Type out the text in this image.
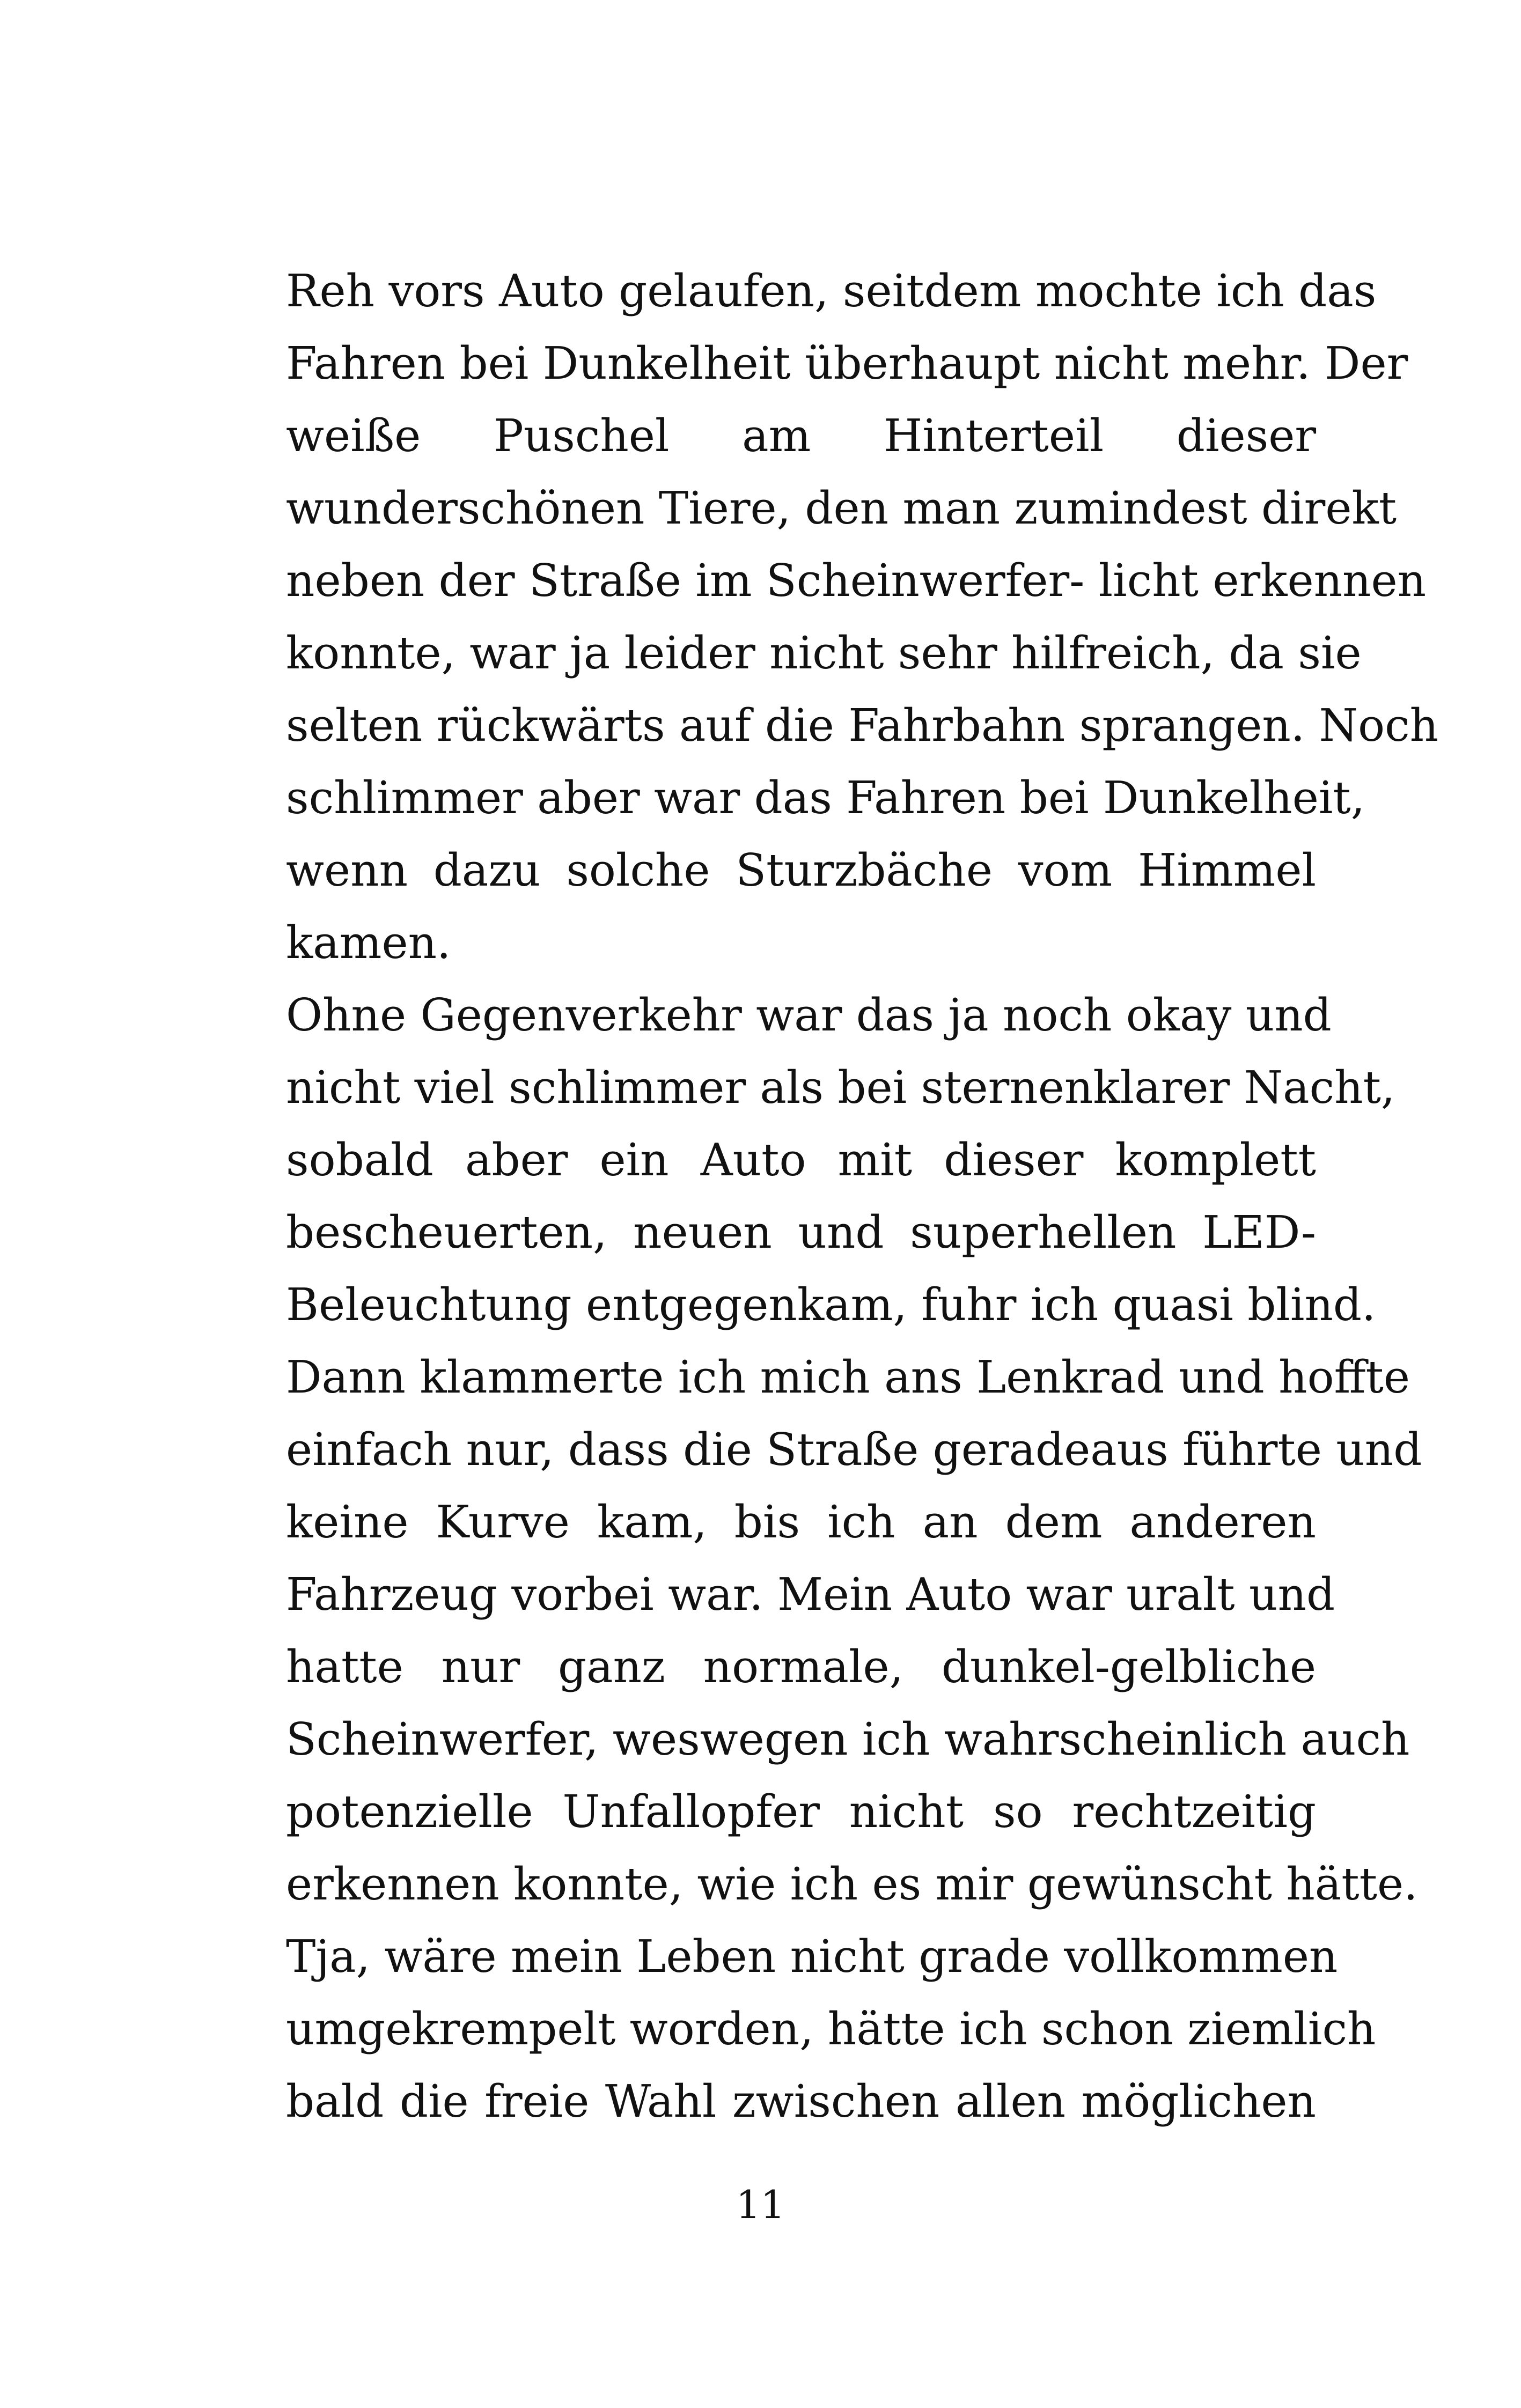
Reh vors Auto gelaufen, seitdem mochte ich das
Fahren bei Dunkelheit überhaupt nicht mehr. Der
weiße Puschel am Hinterteil dieser
wunderschönen Tiere, den man zumindest direkt
neben der Straße im Scheinwerfer- licht erkennen
konnte, war ja leider nicht sehr hilfreich, da sie
selten rückwärts auf die Fahrbahn sprangen. Noch
schlimmer aber war das Fahren bei Dunkelheit,
wenn dazu solche Sturzbäche vom Himmel
kamen.
Ohne Gegenverkehr war das ja noch okay und
nicht viel schlimmer als bei sternenklarer Nacht,
sobald aber ein Auto mit dieser komplett
bescheuerten, neuen und superhellen LED-
Beleuchtung entgegenkam, fuhr ich quasi blind.
Dann klammerte ich mich ans Lenkrad und hoffte
einfach nur, dass die Straße geradeaus führte und
keine Kurve kam, bis ich an dem anderen
Fahrzeug vorbei war. Mein Auto war uralt und
hatte nur ganz normale, dunkel-gelbliche
Scheinwerfer, weswegen ich wahrscheinlich auch
potenzielle Unfallopfer nicht so rechtzeitig
erkennen konnte, wie ich es mir gewünscht hätte.
Tja, wäre mein Leben nicht grade vollkommen
umgekrempelt worden, hätte ich schon ziemlich
bald die freie Wahl zwischen allen möglichen
11
